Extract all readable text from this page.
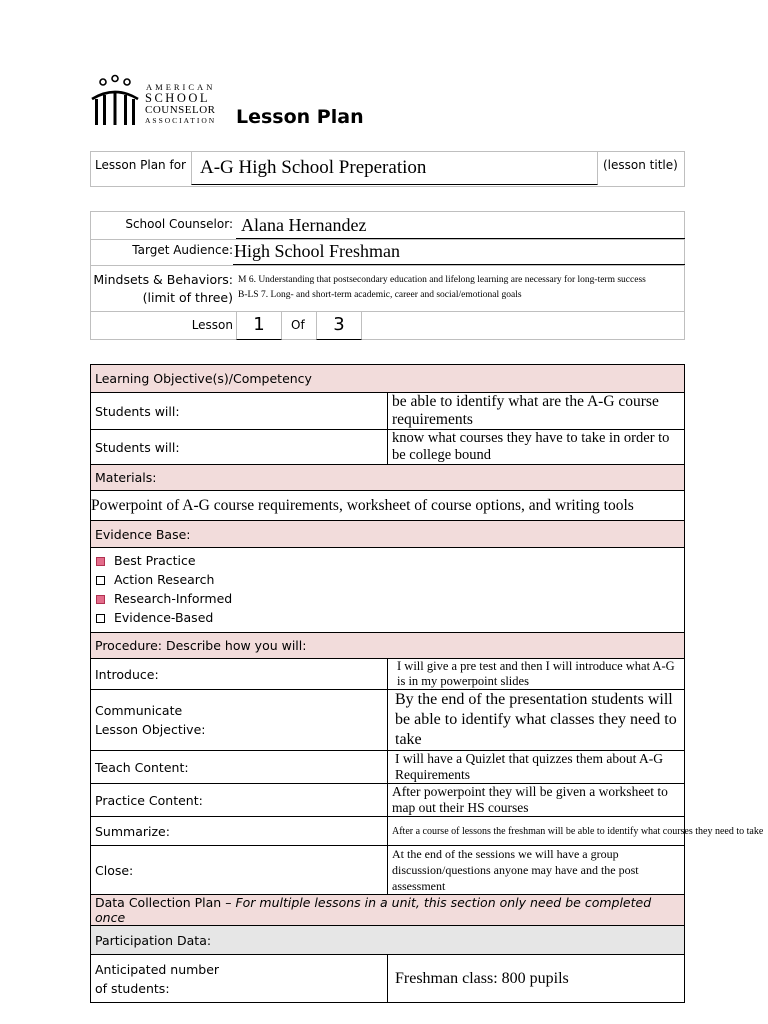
AMERICAN
SCHOOL
COUNSELOR
ASSOCIATION Lesson Plan
Lesson Plan for A-G High School Preperation	(lesson title)
School Counselor: Alana Hernandez
Target Audience: High School Freshman
Mindsets & Behaviors:
(limit of three)
M 6. Understanding that postsecondary education and lifelong learning are necessary for long-term success
B-LS 7. Long- and short-term academic, career and social/emotional goals
Lesson	1	Of	3
Learning Objective(s)/Competency	
Students will:	be able to identify what are the A-G course requirements
Students will:	know what courses they have to take in order to be college bound
Materials:	
Powerpoint of A-G course requirements, worksheet of course options, and writing tools	
Evidence Base:	

Best Practice
Action Research
Research-Informed
Evidence-Based	

Procedure: Describe how you will:	
Introduce:	I will give a pre test and then I will introduce what A-G is in my powerpoint slides

Communicate
Lesson Objective:	By the end of the presentation students will be able to identify what classes they need to take
Teach Content:	I will have a Quizlet that quizzes them about A-G Requirements
Practice Content:	After powerpoint they will be given a worksheet to map out their HS courses
Summarize:	After a course of lessons the freshman will be able to identify what courses they need to take
Close:	At the end of the sessions we will have a group discussion/questions anyone may have and the post assessment
Data Collection Plan – For multiple lessons in a unit, this section only need be completed once	
Participation Data:	

Anticipated number
of students:	Freshman class: 800 pupils
